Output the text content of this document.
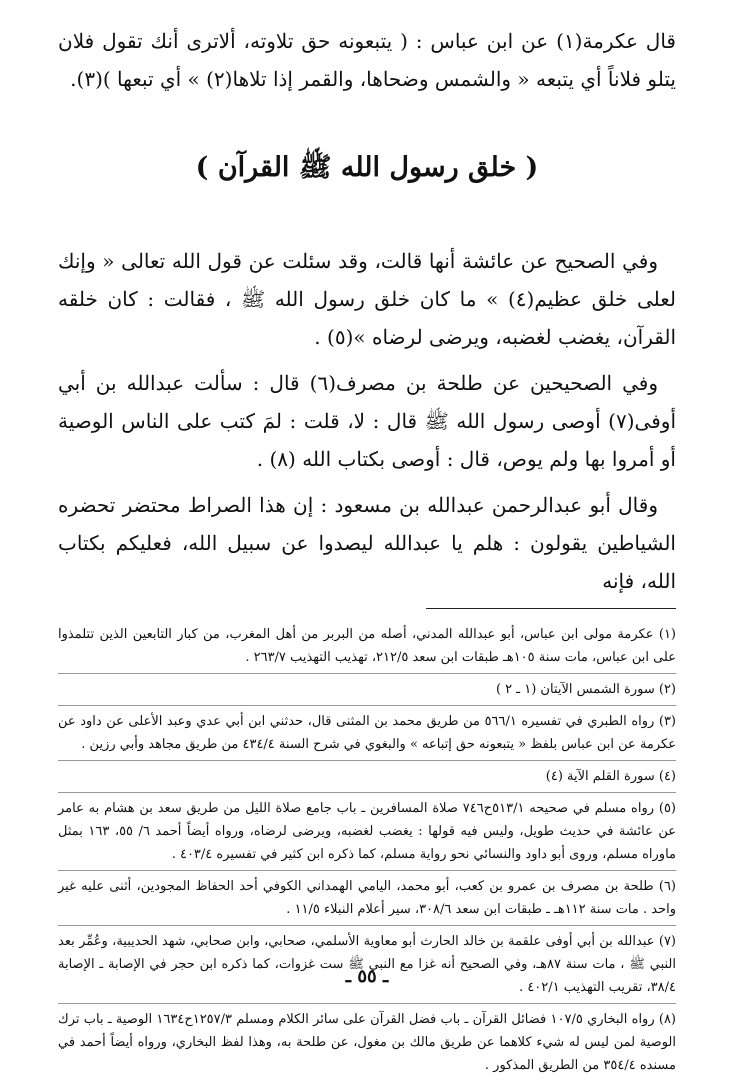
قال عكرمة(١) عن ابن عباس : ( يتبعونه حق تلاوته، ألاترى أنك تقول فلان يتلو فلاناً أي يتبعه « والشمس وضحاها، والقمر إذا تلاها(٢) » أي تبعها )(٣).

( خلق رسول الله ﷺ القرآن )

وفي الصحيح عن عائشة أنها قالت، وقد سئلت عن قول الله تعالى « وإنك لعلى خلق عظيم(٤) » ما كان خلق رسول الله ﷺ ، فقالت : كان خلقه القرآن، يغضب لغضبه، ويرضى لرضاه »(٥) .

وفي الصحيحين عن طلحة بن مصرف(٦) قال : سألت عبدالله بن أبي أوفى(٧) أوصى رسول الله ﷺ قال : لا، قلت : لمَ كتب على الناس الوصية أو أمروا بها ولم يوص، قال : أوصى بكتاب الله (٨) .

وقال أبو عبدالرحمن عبدالله بن مسعود : إن هذا الصراط محتضر تحضره الشياطين يقولون : هلم يا عبدالله ليصدوا عن سبيل الله، فعليكم بكتاب الله، فإنه

(١) عكرمة مولى ابن عباس، أبو عبدالله المدني، أصله من البربر من أهل المغرب، من كبار التابعين الذين تتلمذوا على ابن عباس، مات سنة ١٠٥هـ طبقات ابن سعد ٢١٢/٥، تهذيب التهذيب ٢٦٣/٧ .
(٢) سورة الشمس الآيتان (١ ـ ٢ )
(٣) رواه الطبري في تفسيره ٥٦٦/١ من طريق محمد بن المثنى قال، حدثني ابن أبي عدي وعبد الأعلى عن داود عن عكرمة عن ابن عباس بلفظ « يتبعونه حق إتباعه » والبغوي في شرح السنة ٤٣٤/٤ من طريق مجاهد وأبي رزين .
(٤) سورة القلم الآية (٤)
(٥) رواه مسلم في صحيحه ٥١٣/١ح٧٤٦ صلاة المسافرين ـ باب جامع صلاة الليل من طريق سعد بن هشام به عامر عن عائشة في حديث طويل، وليس فيه قولها : يغضب لغضبه، ويرضى لرضاه، ورواه أيضاً أحمد ٦/ ٥٥، ١٦٣ بمثل ماوراه مسلم، وروى أبو داود والنسائي نحو رواية مسلم، كما ذكره ابن كثير في تفسيره ٤٠٣/٤ .
(٦) طلحة بن مصرف بن عمرو بن كعب، أبو محمد، اليامي الهمداني الكوفي أحد الحفاظ المجودين، أثنى عليه غير واحد . مات سنة ١١٢هـ ـ طبقات ابن سعد ٣٠٨/٦، سير أعلام النبلاء ١١/٥ .
(٧) عبدالله بن أبي أوفى علقمة بن خالد الحارث أبو معاوية الأسلمي، صحابي، وابن صحابي، شهد الحديبية، وعُمِّر بعد النبي ﷺ ، مات سنة ٨٧هـ، وفي الصحيح أنه غزا مع النبي ﷺ ست غزوات، كما ذكره ابن حجر في الإصابة ـ الإصابة ٣٨/٤، تقريب التهذيب ٤٠٢/١ .
(٨) رواه البخاري ١٠٧/٥ فضائل القرآن ـ باب فضل القرآن على سائر الكلام ومسلم ١٢٥٧/٣ح١٦٣٤ الوصية ـ باب ترك الوصية لمن ليس له شيء كلاهما عن طريق مالك بن مغول، عن طلحة به، وهذا لفظ البخاري، ورواه أيضاً أحمد في مسنده ٣٥٤/٤ من الطريق المذكور .
ـ ٥٥ ـ
